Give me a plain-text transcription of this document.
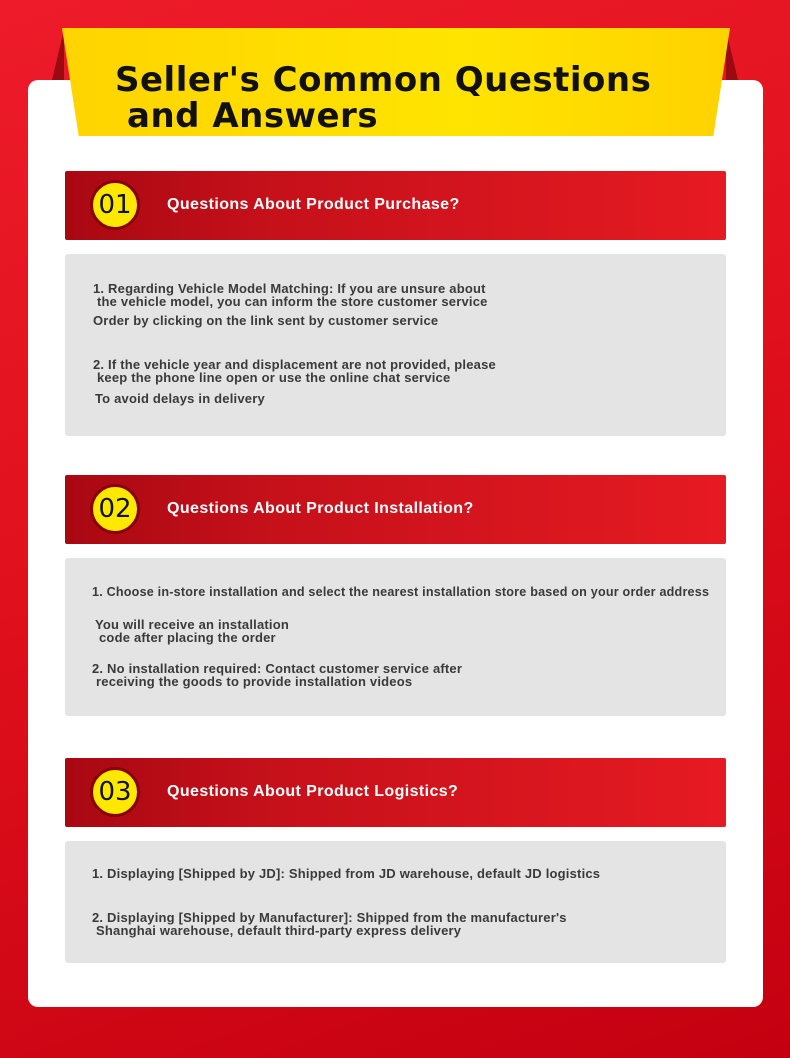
Seller's Common Questions
and Answers
01	Questions About Product Purchase?

1. Regarding Vehicle Model Matching: If you are unsure about
the vehicle model, you can inform the store customer service

Order by clicking on the link sent by customer service

2. If the vehicle year and displacement are not provided, please
keep the phone line open or use the online chat service

To avoid delays in delivery

02	Questions About Product Installation?

1. Choose in-store installation and select the nearest installation store based on your order address

You will receive an installation
code after placing the order

2. No installation required: Contact customer service after
receiving the goods to provide installation videos

03	Questions About Product Logistics?

1. Displaying [Shipped by JD]: Shipped from JD warehouse, default JD logistics

2. Displaying [Shipped by Manufacturer]: Shipped from the manufacturer's
Shanghai warehouse, default third-party express delivery
